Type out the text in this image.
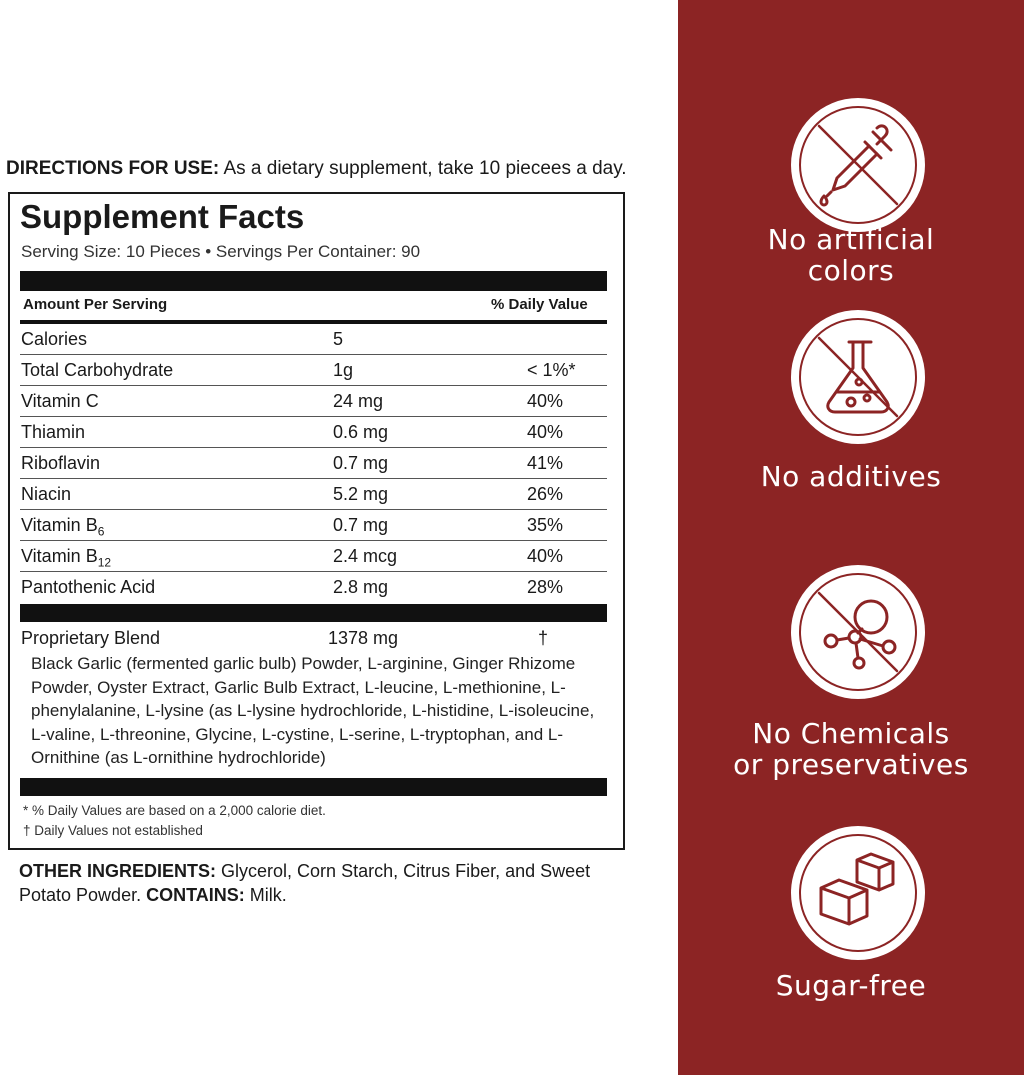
DIRECTIONS FOR USE: As a dietary supplement, take 10 piecees a day.
Supplement Facts
Serving Size: 10 Pieces • Servings Per Container: 90
Amount Per Serving	% Daily Value
Calories	5
Total Carbohydrate	1g	< 1%*
Vitamin C	24 mg	40%
Thiamin	0.6 mg	40%
Riboflavin	0.7 mg	41%
Niacin	5.2 mg	26%
Vitamin $B_6$	0.7 mg	35%
Vitamin $B_{12}$	2.4 mcg	40%
Pantothenic Acid	2.8 mg	28%
Proprietary Blend	1378 mg	†
Black Garlic (fermented garlic bulb) Powder, L-arginine, Ginger Rhizome Powder, Oyster Extract, Garlic Bulb Extract, L-leucine, L-methionine, L-phenylalanine, L-lysine (as L-lysine hydrochloride, L-histidine, L-isoleucine, L-valine, L-threonine, Glycine, L-cystine, L-serine, L-tryptophan, and L-Ornithine (as L-ornithine hydrochloride)
* % Daily Values are based on a 2,000 calorie diet.
† Daily Values not established
OTHER INGREDIENTS: Glycerol, Corn Starch, Citrus Fiber, and Sweet Potato Powder. CONTAINS: Milk.
No artificial
colors
No additives
No Chemicals
or preservatives
Sugar-free
